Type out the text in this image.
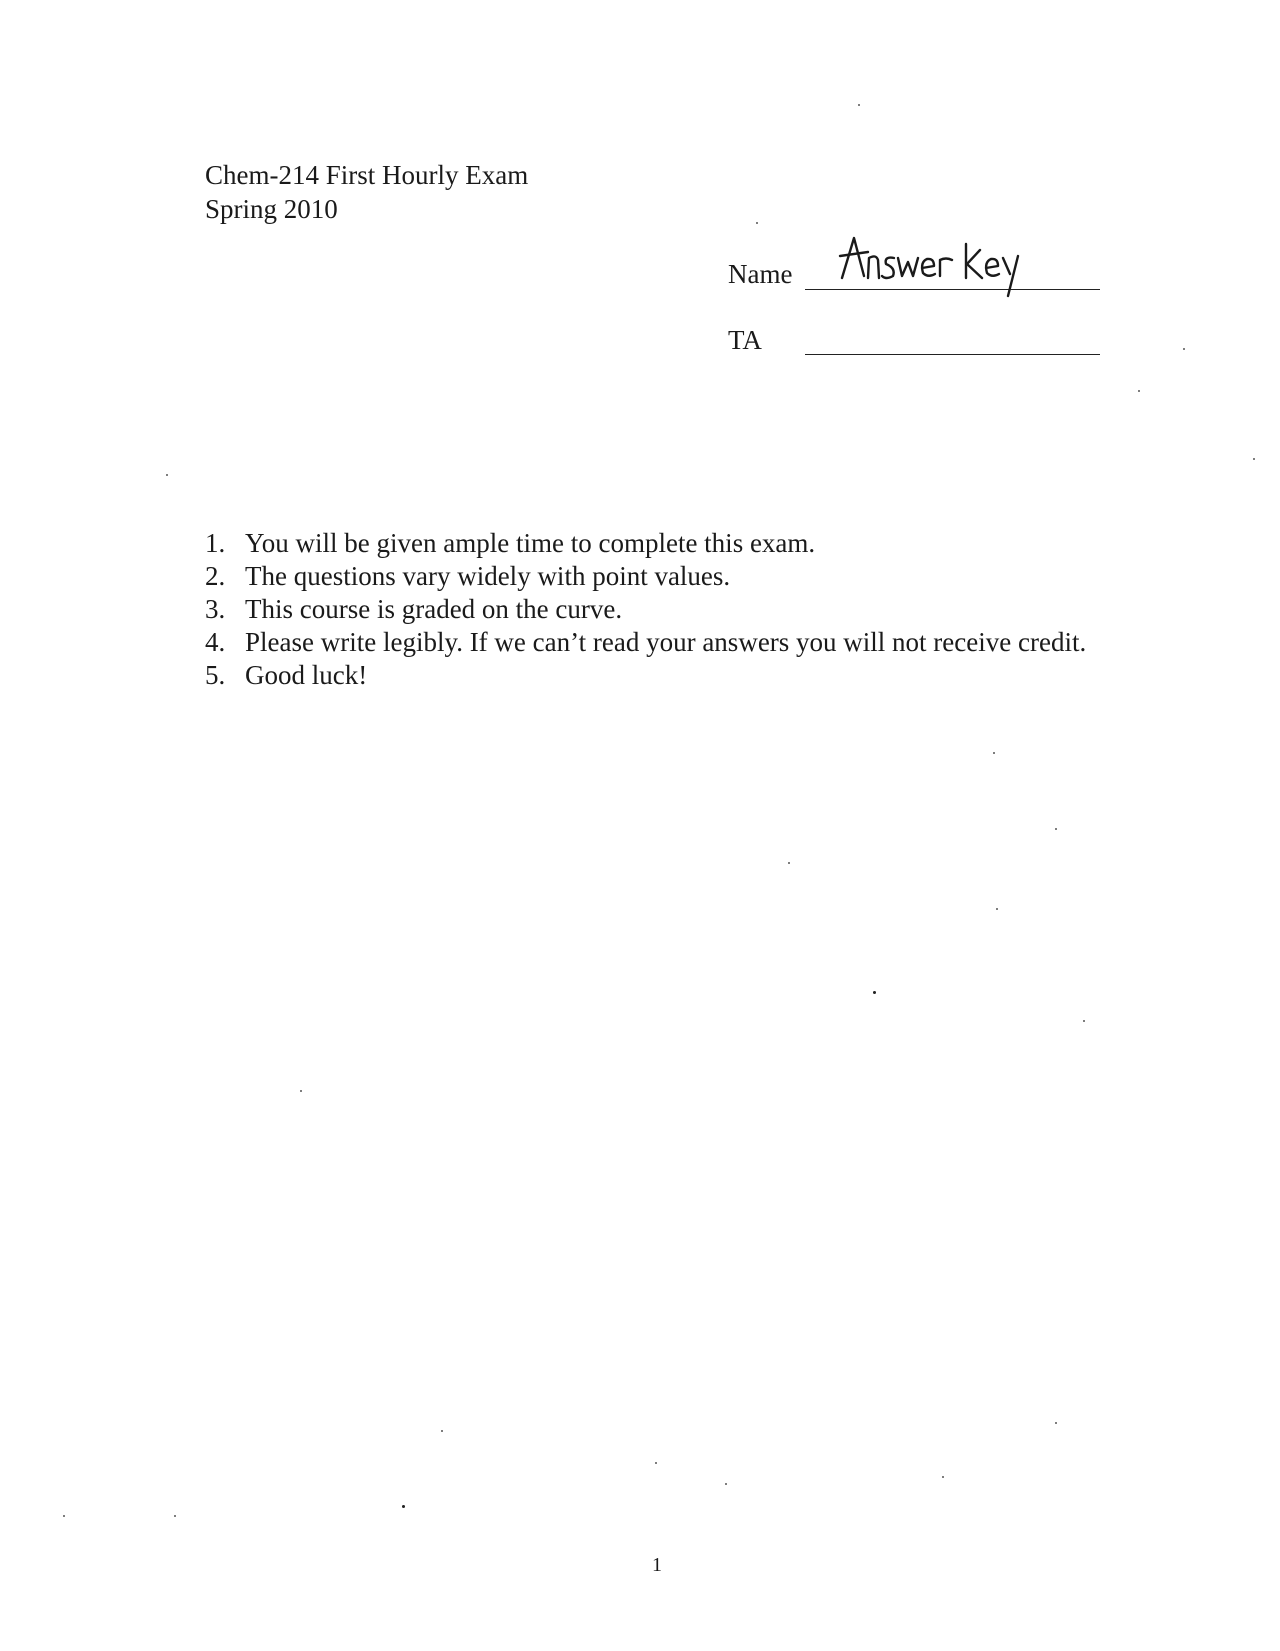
Chem-214 First Hourly Exam
Spring 2010
Name
TA
1. You will be given ample time to complete this exam.
2. The questions vary widely with point values.
3. This course is graded on the curve.
4. Please write legibly. If we can’t read your answers you will not receive credit.
5. Good luck!
1
